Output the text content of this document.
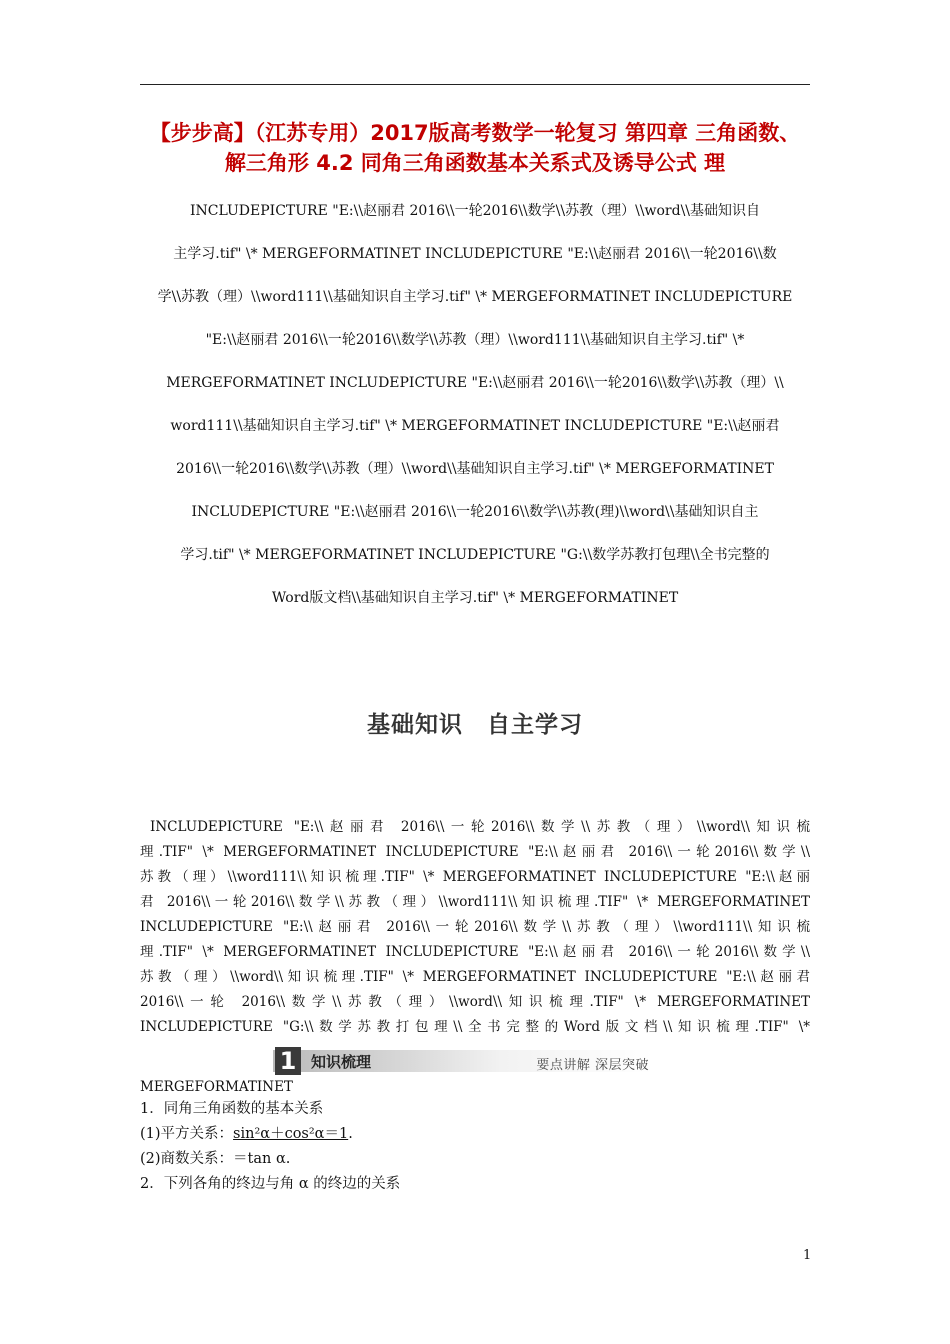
【步步高】（江苏专用）2017版高考数学一轮复习 第四章 三角函数、
解三角形 4.2 同角三角函数基本关系式及诱导公式 理
INCLUDEPICTURE "E:\\赵丽君 2016\\一轮2016\\数学\\苏教（理）\\word\\基础知识自
主学习.tif" \* MERGEFORMATINET INCLUDEPICTURE "E:\\赵丽君 2016\\一轮2016\\数
学\\苏教（理）\\word111\\基础知识自主学习.tif" \* MERGEFORMATINET INCLUDEPICTURE
"E:\\赵丽君 2016\\一轮2016\\数学\\苏教（理）\\word111\\基础知识自主学习.tif" \*
MERGEFORMATINET INCLUDEPICTURE "E:\\赵丽君 2016\\一轮2016\\数学\\苏教（理）\\
word111\\基础知识自主学习.tif" \* MERGEFORMATINET INCLUDEPICTURE "E:\\赵丽君
2016\\一轮2016\\数学\\苏教（理）\\word\\基础知识自主学习.tif" \* MERGEFORMATINET
INCLUDEPICTURE "E:\\赵丽君 2016\\一轮2016\\数学\\苏教(理)\\word\\基础知识自主
学习.tif" \* MERGEFORMATINET INCLUDEPICTURE "G:\\数学苏教打包理\\全书完整的
Word版文档\\基础知识自主学习.tif" \* MERGEFORMATINET
基础知识 自主学习
INCLUDEPICTURE "E:\\赵丽君 2016\\一轮2016\\数学\\苏教（理）\\word\\知识梳
理.TIF" \* MERGEFORMATINET INCLUDEPICTURE "E:\\赵丽君 2016\\一轮2016\\数学\\
苏教（理）\\word111\\知识梳理.TIF" \* MERGEFORMATINET INCLUDEPICTURE "E:\\赵丽
君 2016\\一轮2016\\数学\\苏教（理）\\word111\\知识梳理.TIF" \* MERGEFORMATINET
INCLUDEPICTURE "E:\\赵丽君 2016\\一轮2016\\数学\\苏教（理）\\word111\\知识梳
理.TIF" \* MERGEFORMATINET INCLUDEPICTURE "E:\\赵丽君 2016\\一轮2016\\数学\\
苏教（理）\\word\\知识梳理.TIF" \* MERGEFORMATINET INCLUDEPICTURE "E:\\赵丽君
2016\\一轮 2016\\数学\\苏教（理）\\word\\知识梳理.TIF" \* MERGEFORMATINET
INCLUDEPICTURE "G:\\数学苏教打包理\\全书完整的Word版文档\\知识梳理.TIF" \*
1 知识梳理	要点讲解 深层突破
MERGEFORMATINET
1．同角三角函数的基本关系
(1)平方关系：sin²α＋cos²α＝1.
(2)商数关系：＝tan α.
2．下列各角的终边与角 α 的终边的关系
1
